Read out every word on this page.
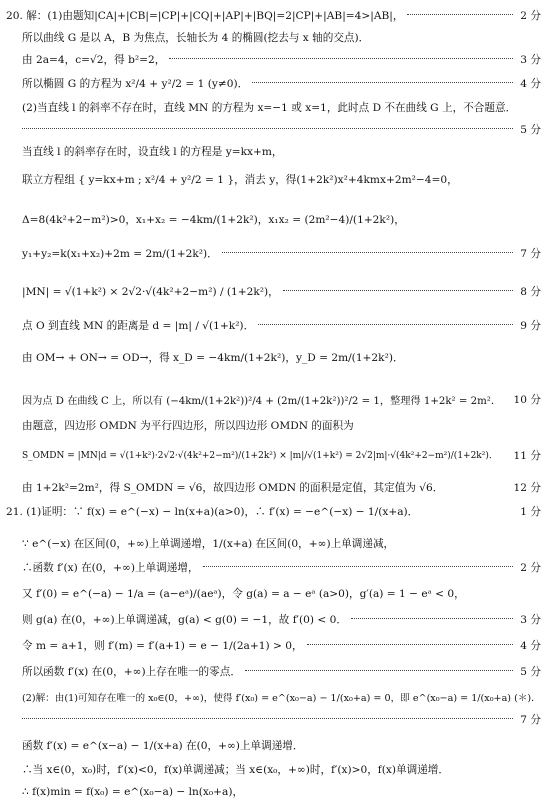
20. 解：(1)由题知|CA|+|CB|=|CP|+|CQ|+|AP|+|BQ|=2|CP|+|AB|=4>|AB|，	2 分
所以曲线 G 是以 A，B 为焦点，长轴长为 4 的椭圆(挖去与 x 轴的交点)．
由 2a=4，c=√2，得 b²=2，	3 分
所以椭圆 G 的方程为 x²/4 + y²/2 = 1 (y≠0)．	4 分
(2)当直线 l 的斜率不存在时，直线 MN 的方程为 x=−1 或 x=1，此时点 D 不在曲线 G 上，不合题意．
5 分
当直线 l 的斜率存在时，设直线 l 的方程是 y=kx+m，
联立方程组 { y=kx+m ; x²/4 + y²/2 = 1 }，消去 y，得(1+2k²)x²+4kmx+2m²−4=0，
Δ=8(4k²+2−m²)>0，x₁+x₂ = −4km/(1+2k²)，x₁x₂ = (2m²−4)/(1+2k²)，
y₁+y₂=k(x₁+x₂)+2m = 2m/(1+2k²)．	7 分
|MN| = √(1+k²) × 2√2·√(4k²+2−m²) / (1+2k²)，	8 分
点 O 到直线 MN 的距离是 d = |m| / √(1+k²)．	9 分
由 OM→ + ON→ = OD→，得 x_D = −4km/(1+2k²)，y_D = 2m/(1+2k²)．
因为点 D 在曲线 C 上，所以有 (−4km/(1+2k²))²/4 + (2m/(1+2k²))²/2 = 1，整理得 1+2k² = 2m²． 10 分
由题意，四边形 OMDN 为平行四边形，所以四边形 OMDN 的面积为
S_OMDN = |MN|d = √(1+k²)·2√2·√(4k²+2−m²)/(1+2k²) × |m|/√(1+k²) = 2√2|m|·√(4k²+2−m²)/(1+2k²)． 11 分
由 1+2k²=2m²，得 S_OMDN = √6，故四边形 OMDN 的面积是定值，其定值为 √6．	12 分
21. (1)证明：∵ f(x) = e^(−x) − ln(x+a)(a>0)，∴ f′(x) = −e^(−x) − 1/(x+a)．	1 分
∵ e^(−x) 在区间(0，+∞)上单调递增，1/(x+a) 在区间(0，+∞)上单调递减，
∴函数 f′(x) 在(0，+∞)上单调递增，	2 分
又 f′(0) = e^(−a) − 1/a = (a−eᵃ)/(aeᵃ)，令 g(a) = a − eᵃ (a>0)，g′(a) = 1 − eᵃ < 0，
则 g(a) 在(0，+∞)上单调递减，g(a) < g(0) = −1，故 f′(0) < 0．	3 分
令 m = a+1，则 f′(m) = f′(a+1) = e − 1/(2a+1) > 0，	4 分
所以函数 f′(x) 在(0，+∞)上存在唯一的零点．	5 分
(2)解：由(1)可知存在唯一的 x₀∈(0，+∞)，使得 f′(x₀) = e^(x₀−a) − 1/(x₀+a) = 0，即 e^(x₀−a) = 1/(x₀+a) (＊)．
7 分
函数 f′(x) = e^(x−a) − 1/(x+a) 在(0，+∞)上单调递增．
∴当 x∈(0，x₀)时，f′(x)<0，f(x)单调递减；当 x∈(x₀，+∞)时，f′(x)>0，f(x)单调递增．
∴ f(x)min = f(x₀) = e^(x₀−a) − ln(x₀+a)，
